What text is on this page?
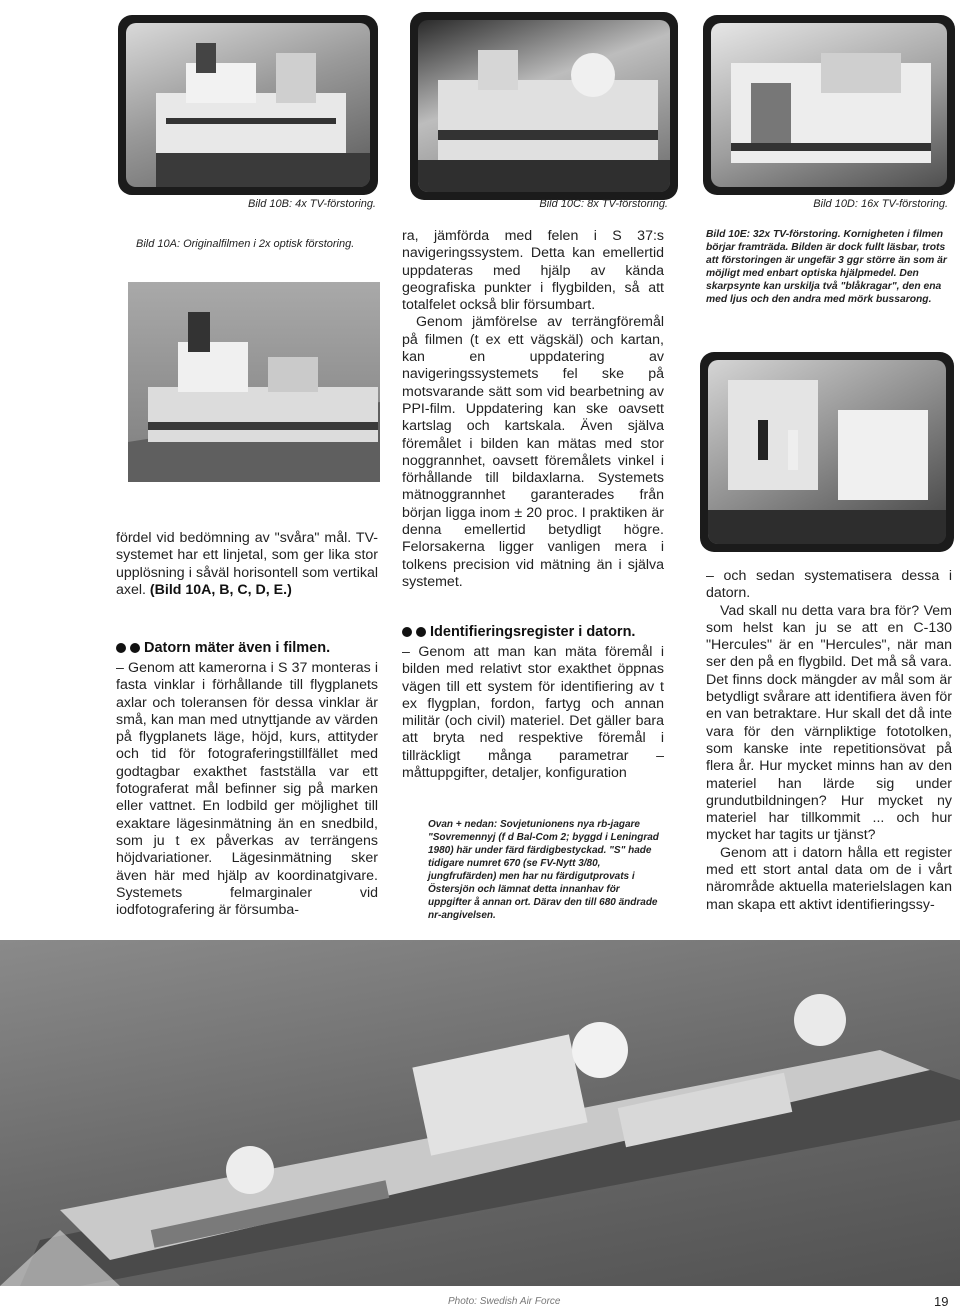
Bild 10B: 4x TV-förstoring.	Bild 10C: 8x TV-förstoring.	Bild 10D: 16x TV-förstoring.
Bild 10A: Originalfilmen i 2x optisk förstoring.

fördel vid bedömning av "svåra" mål. TV-systemet har ett linjetal, som ger lika stor upplösning i såväl horisontell som vertikal axel. (Bild 10A, B, C, D, E.)

Datorn mäter även i filmen.

– Genom att kamerorna i S 37 monteras i fasta vinklar i förhållande till flygplanets axlar och toleransen för dessa vinklar är små, kan man med utnyttjande av värden på flygplanets läge, höjd, kurs, attityder och tid för fotograferingstillfället med godtagbar exakthet fastställa var ett fotograferat mål befinner sig på marken eller vattnet. En lodbild ger möjlighet till exaktare lägesinmätning än en snedbild, som ju t ex påverkas av terrängens höjdvariationer. Lägesinmätning sker även här med hjälp av koordinatgivare. Systemets felmarginaler vid iodfotografering är försumba-

ra, jämförda med felen i S 37:s navigeringssystem. Detta kan emellertid uppdateras med hjälp av kända geografiska punkter i flygbilden, så att totalfelet också blir försumbart.

Genom jämförelse av terrängföremål på filmen (t ex ett vägskäl) och kartan, kan en uppdatering av navigeringssystemets fel ske på motsvarande sätt som vid bearbetning av PPI-film. Uppdatering kan ske oavsett kartslag och kartskala. Även själva föremålet i bilden kan mätas med stor noggrannhet, oavsett föremålets vinkel i förhållande till bildaxlarna. Systemets mätnoggrannhet garanterades från början ligga inom ± 20 proc. I praktiken är denna emellertid betydligt högre. Felorsakerna ligger vanligen mera i tolkens precision vid mätning än i själva systemet.

Identifieringsregister i datorn.

– Genom att man kan mäta föremål i bilden med relativt stor exakthet öppnas vägen till ett system för identifiering av t ex flygplan, fordon, fartyg och annan militär (och civil) materiel. Det gäller bara att bryta ned respektive föremål i tillräckligt många parametrar – måttuppgifter, detaljer, konfiguration

Ovan + nedan: Sovjetunionens nya rb-jagare "Sovremennyj (f d Bal-Com 2; byggd i Leningrad 1980) här under färd färdigbestyckad. "S" hade tidigare numret 670 (se FV-Nytt 3/80, jungfrufärden) men har nu färdigutprovats i Östersjön och lämnat detta innanhav för uppgifter å annan ort. Därav den till 680 ändrade nr-angivelsen.
Bild 10E: 32x TV-förstoring. Kornigheten i filmen börjar framträda. Bilden är dock fullt läsbar, trots att förstoringen är ungefär 3 ggr större än som är möjligt med enbart optiska hjälpmedel. Den skarpsynte kan urskilja två "blåkragar", den ena med ljus och den andra med mörk bussarong.

– och sedan systematisera dessa i datorn.

Vad skall nu detta vara bra för? Vem som helst kan ju se att en C-130 "Hercules" är en "Hercules", när man ser den på en flygbild. Det må så vara. Det finns dock mängder av mål som är betydligt svårare att identifiera även för en van betraktare. Hur skall det då inte vara för den värnpliktige fototolken, som kanske inte repetitionsövat på flera år. Hur mycket minns han av den materiel han lärde sig under grundutbildningen? Hur mycket ny materiel har tillkommit ... och hur mycket har tagits ur tjänst?

Genom att i datorn hålla ett register med ett stort antal data om de i vårt närområde aktuella materielslagen kan man skapa ett aktivt identifieringssy-

Photo: Swedish Air Force	19
